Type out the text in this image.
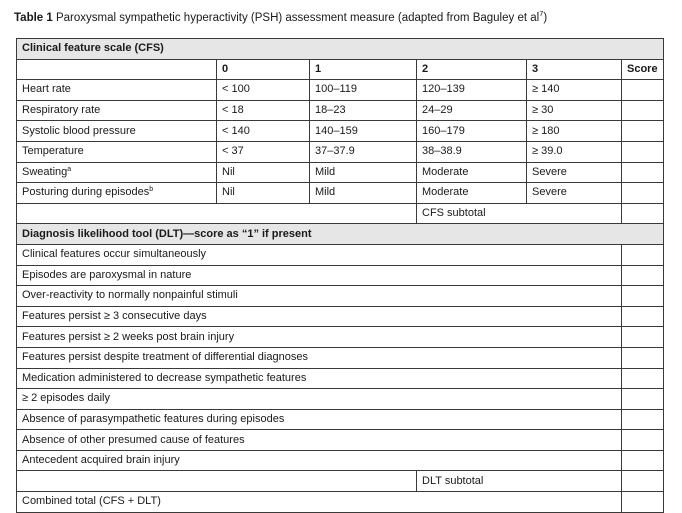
Table 1 Paroxysmal sympathetic hyperactivity (PSH) assessment measure (adapted from Baguley et $al^7$)
Clinical feature scale (CFS)					
	0	1	2	3	Score
Heart rate	< 100	100–119	120–139	≥ 140	
Respiratory rate	< 18	18–23	24–29	≥ 30	
Systolic blood pressure	< 140	140–159	160–179	≥ 180	
Temperature	< 37	37–37.9	38–38.9	≥ 39.0	
Sweating$^a$	Nil	Mild	Moderate	Severe	
Posturing during episodes$^b$	Nil	Mild	Moderate	Severe	
			CFS subtotal		
Diagnosis likelihood tool (DLT)—score as “1” if present					
Clinical features occur simultaneously					
Episodes are paroxysmal in nature					
Over-reactivity to normally nonpainful stimuli					
Features persist ≥ 3 consecutive days					
Features persist ≥ 2 weeks post brain injury					
Features persist despite treatment of differential diagnoses					
Medication administered to decrease sympathetic features					
≥ 2 episodes daily					
Absence of parasympathetic features during episodes					
Absence of other presumed cause of features					
Antecedent acquired brain injury					
			DLT subtotal		
Combined total (CFS + DLT)					
